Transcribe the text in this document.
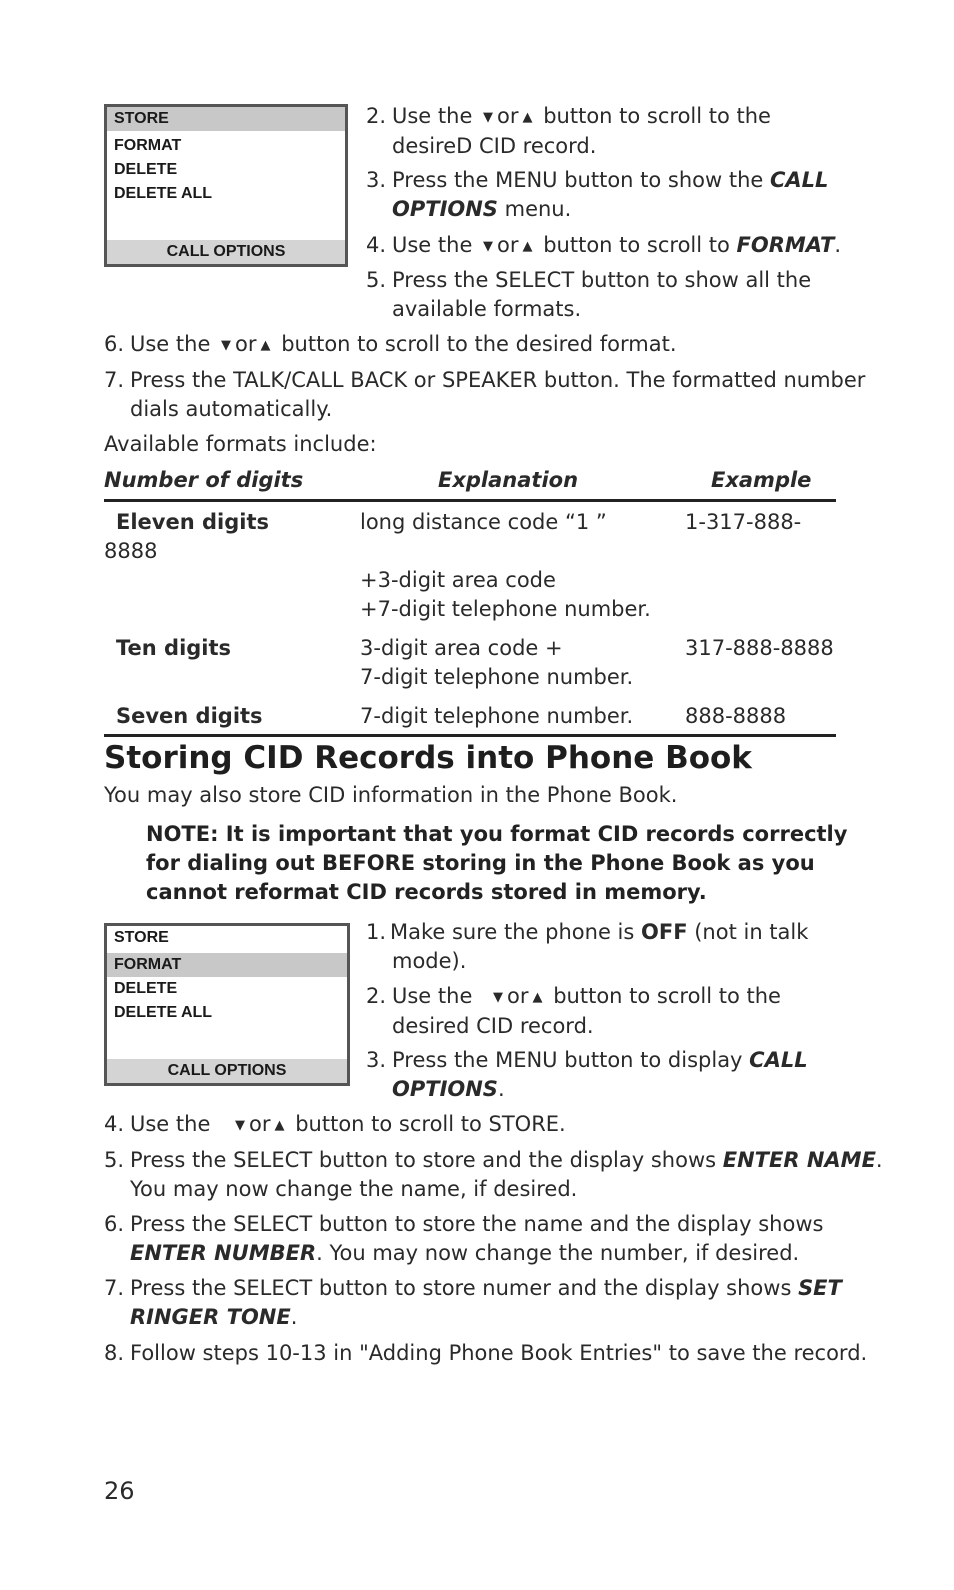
STORE
FORMAT
DELETE
DELETE ALL
CALL OPTIONS
2. Use the ▼ or ▲ button to scroll to the
desireD CID record.
3. Press the MENU button to show the CALL
OPTIONS menu.
4. Use the ▼ or ▲ button to scroll to FORMAT.
5. Press the SELECT button to show all the
available formats.
6. Use the ▼ or ▲ button to scroll to the desired format.
7. Press the TALK/CALL BACK or SPEAKER button. The formatted number
dials automatically.
Available formats include:
Number of digits	Explanation	Example
Eleven digits	long distance code “1 ”	1-317-888-
8888
+3-digit area code
+7-digit telephone number.
Ten digits	3-digit area code +	317-888-8888
7-digit telephone number.
Seven digits	7-digit telephone number. 888-8888
Storing CID Records into Phone Book
You may also store CID information in the Phone Book.
NOTE: It is important that you format CID records correctly
for dialing out BEFORE storing in the Phone Book as you
cannot reformat CID records stored in memory.
STORE
FORMAT
DELETE
DELETE ALL
CALL OPTIONS
1. Make sure the phone is OFF (not in talk
mode).
2. Use the ▼ or ▲ button to scroll to the
desired CID record.
3. Press the MENU button to display CALL
OPTIONS.
4. Use the ▼ or ▲ button to scroll to STORE.
5. Press the SELECT button to store and the display shows ENTER NAME.
You may now change the name, if desired.
6. Press the SELECT button to store the name and the display shows
ENTER NUMBER. You may now change the number, if desired.
7. Press the SELECT button to store numer and the display shows SET
RINGER TONE.
8. Follow steps 10-13 in "Adding Phone Book Entries" to save the record.
26
